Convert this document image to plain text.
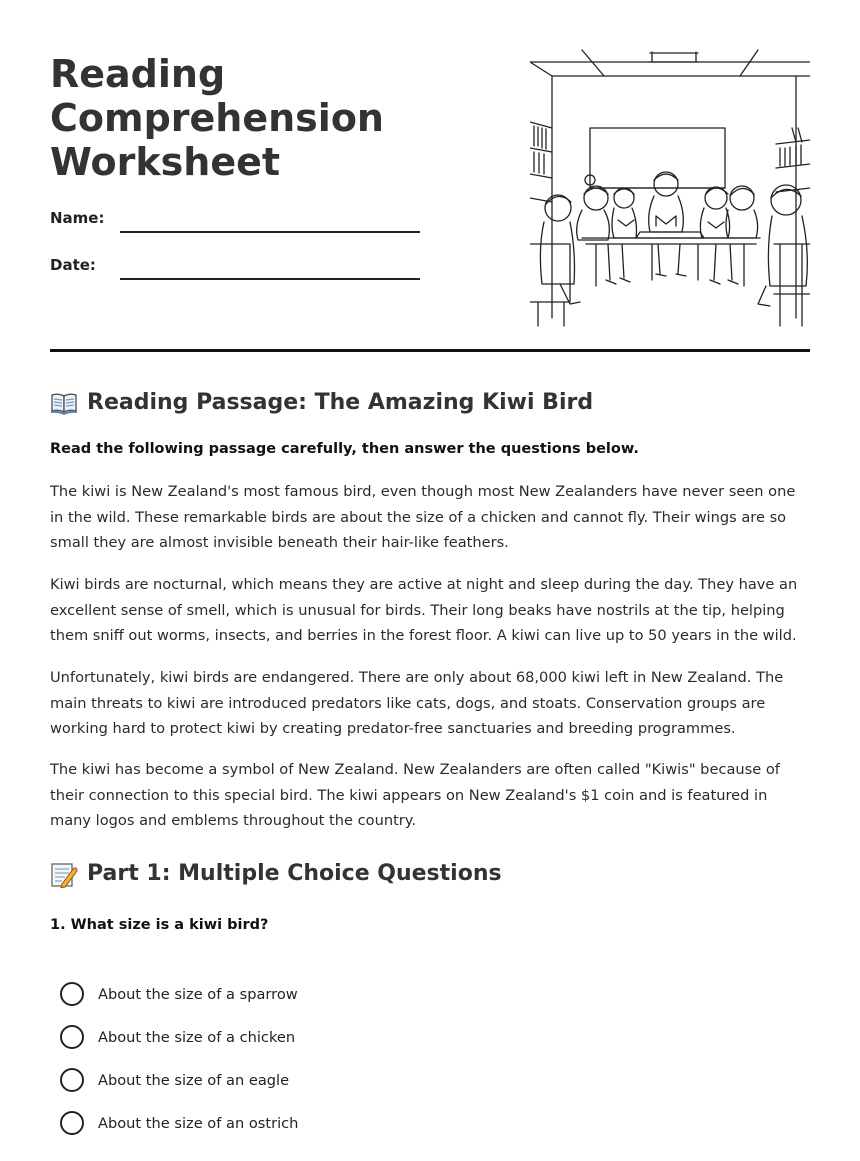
Reading
Comprehension
Worksheet
Name:
Date:
Reading Passage: The Amazing Kiwi Bird

Read the following passage carefully, then answer the questions below.

The kiwi is New Zealand's most famous bird, even though most New Zealanders have never seen one in the wild. These remarkable birds are about the size of a chicken and cannot fly. Their wings are so small they are almost invisible beneath their hair-like feathers.

Kiwi birds are nocturnal, which means they are active at night and sleep during the day. They have an excellent sense of smell, which is unusual for birds. Their long beaks have nostrils at the tip, helping them sniff out worms, insects, and berries in the forest floor. A kiwi can live up to 50 years in the wild.

Unfortunately, kiwi birds are endangered. There are only about 68,000 kiwi left in New Zealand. The main threats to kiwi are introduced predators like cats, dogs, and stoats. Conservation groups are working hard to protect kiwi by creating predator-free sanctuaries and breeding programmes.

The kiwi has become a symbol of New Zealand. New Zealanders are often called "Kiwis" because of their connection to this special bird. The kiwi appears on New Zealand's $1 coin and is featured in many logos and emblems throughout the country.

Part 1: Multiple Choice Questions

1. What size is a kiwi bird?

About the size of a sparrow
About the size of a chicken
About the size of an eagle
About the size of an ostrich
